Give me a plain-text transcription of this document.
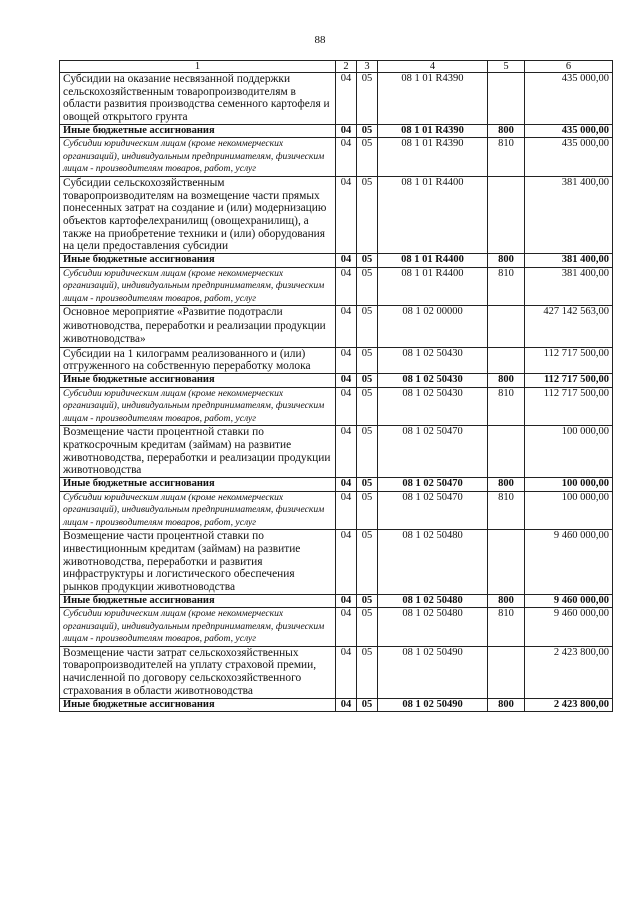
88
1	2	3	4	5	6
Субсидии на оказание несвязанной поддержки сельскохозяйственным товаропроизводителям в области развития производства семенного картофеля и овощей открытого грунта	04	05	08 1 01 R4390		435 000,00
Иные бюджетные ассигнования	04	05	08 1 01 R4390	800	435 000,00
Субсидии юридическим лицам (кроме некоммерческих организаций), индивидуальным предпринимателям, физическим лицам - производителям товаров, работ, услуг	04	05	08 1 01 R4390	810	435 000,00
Субсидии сельскохозяйственным товаропроизводителям на возмещение части прямых понесенных затрат на создание и (или) модернизацию объектов картофелехранилищ (овощехранилищ), а также на приобретение техники и (или) оборудования на цели предоставления субсидии	04	05	08 1 01 R4400		381 400,00
Иные бюджетные ассигнования	04	05	08 1 01 R4400	800	381 400,00
Субсидии юридическим лицам (кроме некоммерческих организаций), индивидуальным предпринимателям, физическим лицам - производителям товаров, работ, услуг	04	05	08 1 01 R4400	810	381 400,00
Основное мероприятие «Развитие подотрасли животноводства, переработки и реализации продукции животноводства»	04	05	08 1 02 00000		427 142 563,00
Субсидии на 1 килограмм реализованного и (или) отгруженного на собственную переработку молока	04	05	08 1 02 50430		112 717 500,00
Иные бюджетные ассигнования	04	05	08 1 02 50430	800	112 717 500,00
Субсидии юридическим лицам (кроме некоммерческих организаций), индивидуальным предпринимателям, физическим лицам - производителям товаров, работ, услуг	04	05	08 1 02 50430	810	112 717 500,00
Возмещение части процентной ставки по краткосрочным кредитам (займам) на развитие животноводства, переработки и реализации продукции животноводства	04	05	08 1 02 50470		100 000,00
Иные бюджетные ассигнования	04	05	08 1 02 50470	800	100 000,00
Субсидии юридическим лицам (кроме некоммерческих организаций), индивидуальным предпринимателям, физическим лицам - производителям товаров, работ, услуг	04	05	08 1 02 50470	810	100 000,00
Возмещение части процентной ставки по инвестиционным кредитам (займам) на развитие животноводства, переработки и развития инфраструктуры и логистического обеспечения рынков продукции животноводства	04	05	08 1 02 50480		9 460 000,00
Иные бюджетные ассигнования	04	05	08 1 02 50480	800	9 460 000,00
Субсидии юридическим лицам (кроме некоммерческих организаций), индивидуальным предпринимателям, физическим лицам - производителям товаров, работ, услуг	04	05	08 1 02 50480	810	9 460 000,00
Возмещение части затрат сельскохозяйственных товаропроизводителей на уплату страховой премии, начисленной по договору сельскохозяйственного страхования в области животноводства	04	05	08 1 02 50490		2 423 800,00
Иные бюджетные ассигнования	04	05	08 1 02 50490	800	2 423 800,00
